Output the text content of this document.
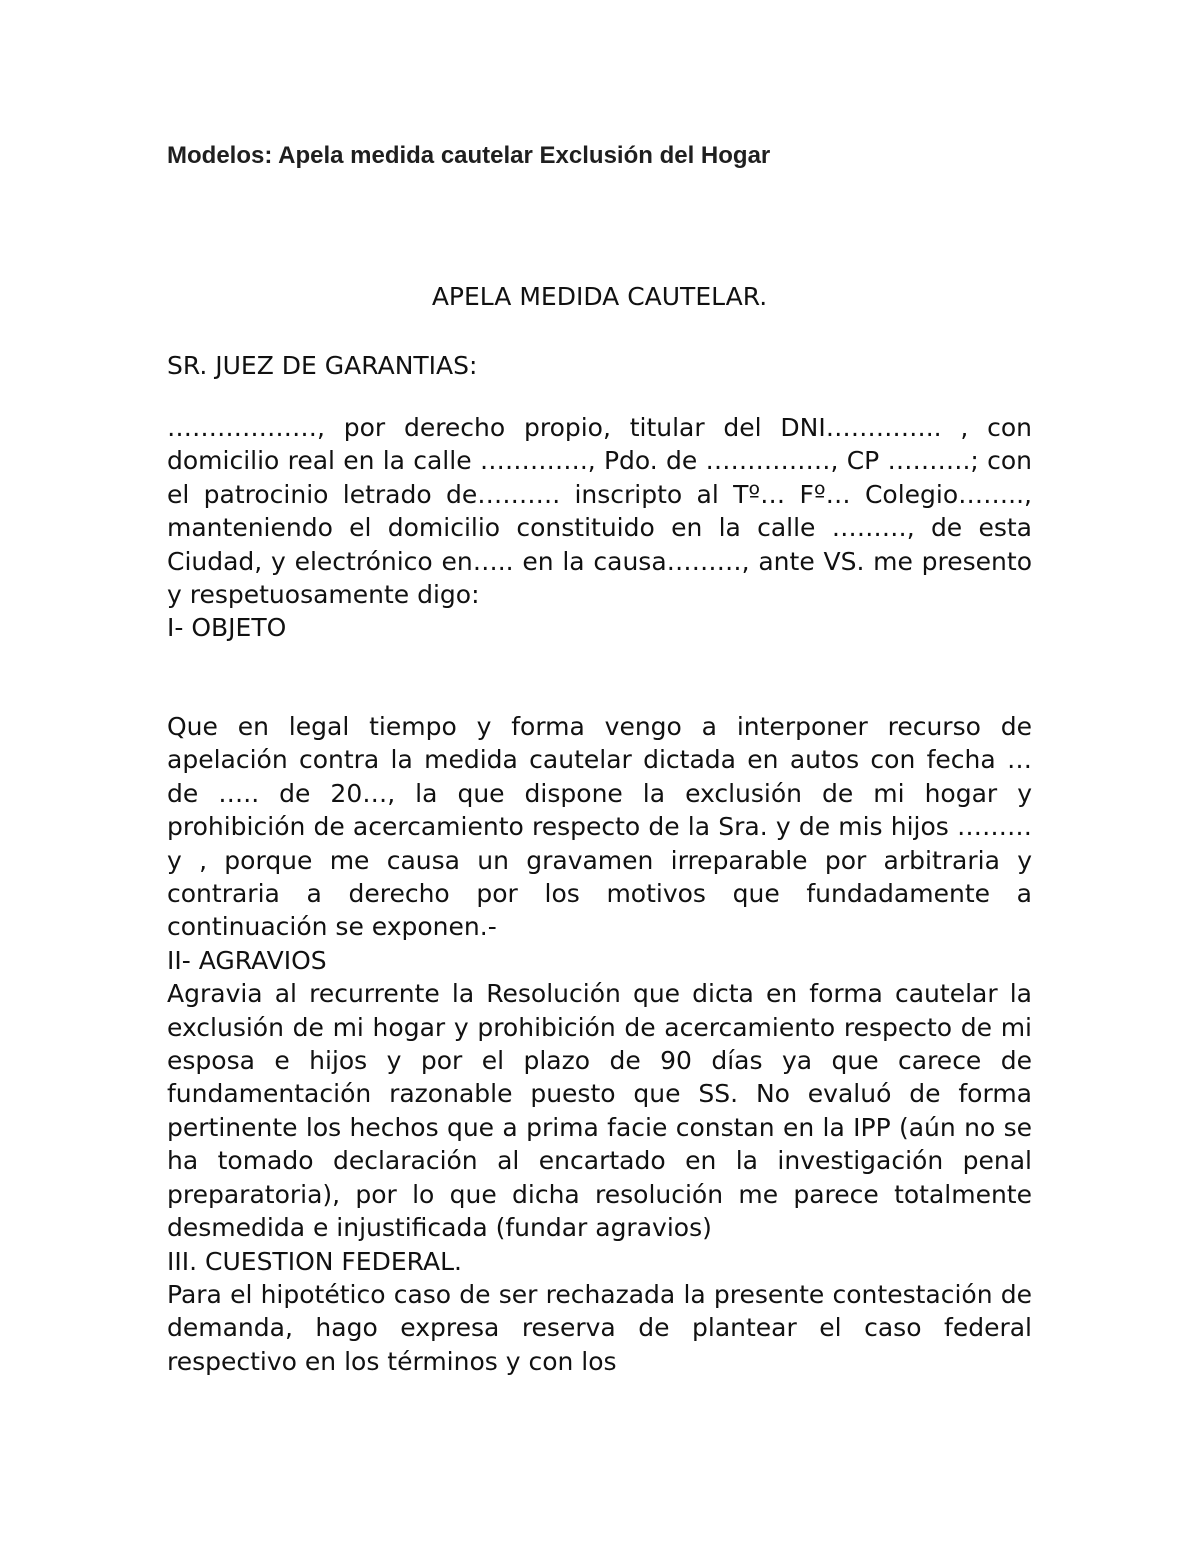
Modelos: Apela medida cautelar Exclusión del Hogar
APELA MEDIDA CAUTELAR.
SR. JUEZ DE GARANTIAS:

………………, por derecho propio, titular del DNI………….. , con domicilio real en la calle …………., Pdo. de ……………, CP ……….; con el patrocinio letrado de………. inscripto al Tº… Fº… Colegio…….., manteniendo el domicilio constituido en la calle ………, de esta Ciudad, y electrónico en….. en la causa………, ante VS. me presento y respetuosamente digo:

I- OBJETO

Que en legal tiempo y forma vengo a interponer recurso de apelación contra la medida cautelar dictada en autos con fecha … de ….. de 20…, la que dispone la exclusión de mi hogar y prohibición de acercamiento respecto de la Sra. y de mis hijos ……… y , porque me causa un gravamen irreparable por arbitraria y contraria a derecho por los motivos que fundadamente a continuación se exponen.-

II- AGRAVIOS

Agravia al recurrente la Resolución que dicta en forma cautelar la exclusión de mi hogar y prohibición de acercamiento respecto de mi esposa e hijos y por el plazo de 90 días ya que carece de fundamentación razonable puesto que SS. No evaluó de forma pertinente los hechos que a prima facie constan en la IPP (aún no se ha tomado declaración al encartado en la investigación penal preparatoria), por lo que dicha resolución me parece totalmente desmedida e injustificada (fundar agravios)

III. CUESTION FEDERAL.

Para el hipotético caso de ser rechazada la presente contestación de demanda, hago expresa reserva de plantear el caso federal respectivo en los términos y con los
